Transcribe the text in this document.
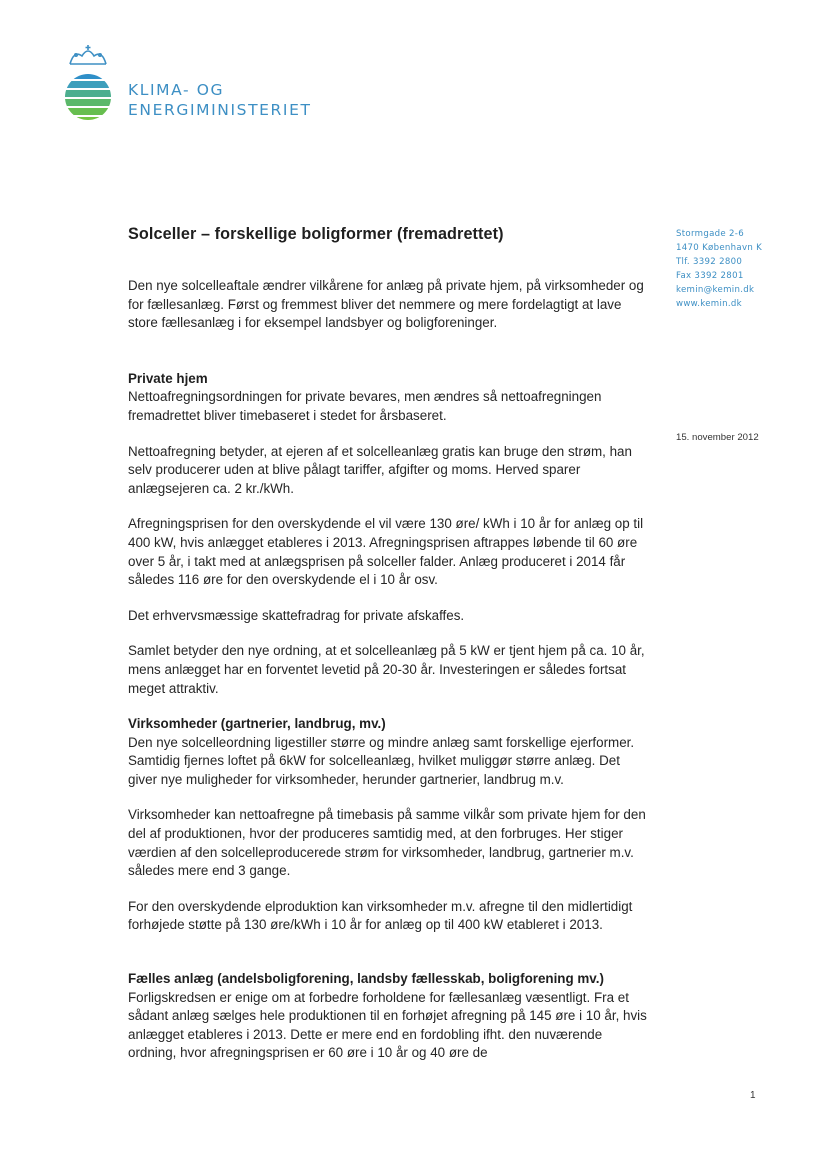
KLIMA- OG
ENERGIMINISTERIET
Stormgade 2-6
1470 København K
Tlf. 3392 2800
Fax 3392 2801
kemin@kemin.dk
www.kemin.dk
15. november 2012
Solceller – forskellige boligformer (fremadrettet)

Den nye solcelleaftale ændrer vilkårene for anlæg på private hjem, på virksomheder og for fællesanlæg. Først og fremmest bliver det nemmere og mere fordelagtigt at lave store fællesanlæg i for eksempel landsbyer og boligforeninger.

Private hjem

Nettoafregningsordningen for private bevares, men ændres så nettoafregningen fremadrettet bliver timebaseret i stedet for årsbaseret.

Nettoafregning betyder, at ejeren af et solcelleanlæg gratis kan bruge den strøm, han selv producerer uden at blive pålagt tariffer, afgifter og moms. Herved sparer anlægsejeren ca. 2 kr./kWh.

Afregningsprisen for den overskydende el vil være 130 øre/ kWh i 10 år for anlæg op til 400 kW, hvis anlægget etableres i 2013. Afregningsprisen aftrappes løbende til 60 øre over 5 år, i takt med at anlægsprisen på solceller falder. Anlæg produceret i 2014 får således 116 øre for den overskydende el i 10 år osv.

Det erhvervsmæssige skattefradrag for private afskaffes.

Samlet betyder den nye ordning, at et solcelleanlæg på 5 kW er tjent hjem på ca. 10 år, mens anlægget har en forventet levetid på 20-30 år. Investeringen er således fortsat meget attraktiv.

Virksomheder (gartnerier, landbrug, mv.)

Den nye solcelleordning ligestiller større og mindre anlæg samt forskellige ejerformer. Samtidig fjernes loftet på 6kW for solcelleanlæg, hvilket muliggør større anlæg. Det giver nye muligheder for virksomheder, herunder gartnerier, landbrug m.v.

Virksomheder kan nettoafregne på timebasis på samme vilkår som private hjem for den del af produktionen, hvor der produceres samtidig med, at den forbruges. Her stiger værdien af den solcelleproducerede strøm for virksomheder, landbrug, gartnerier m.v. således mere end 3 gange.

For den overskydende elproduktion kan virksomheder m.v. afregne til den midlertidigt forhøjede støtte på 130 øre/kWh i 10 år for anlæg op til 400 kW etableret i 2013.

Fælles anlæg (andelsboligforening, landsby fællesskab, boligforening mv.)

Forligskredsen er enige om at forbedre forholdene for fællesanlæg væsentligt. Fra et sådant anlæg sælges hele produktionen til en forhøjet afregning på 145 øre i 10 år, hvis anlægget etableres i 2013. Dette er mere end en fordobling ifht. den nuværende ordning, hvor afregningsprisen er 60 øre i 10 år og 40 øre de

1
